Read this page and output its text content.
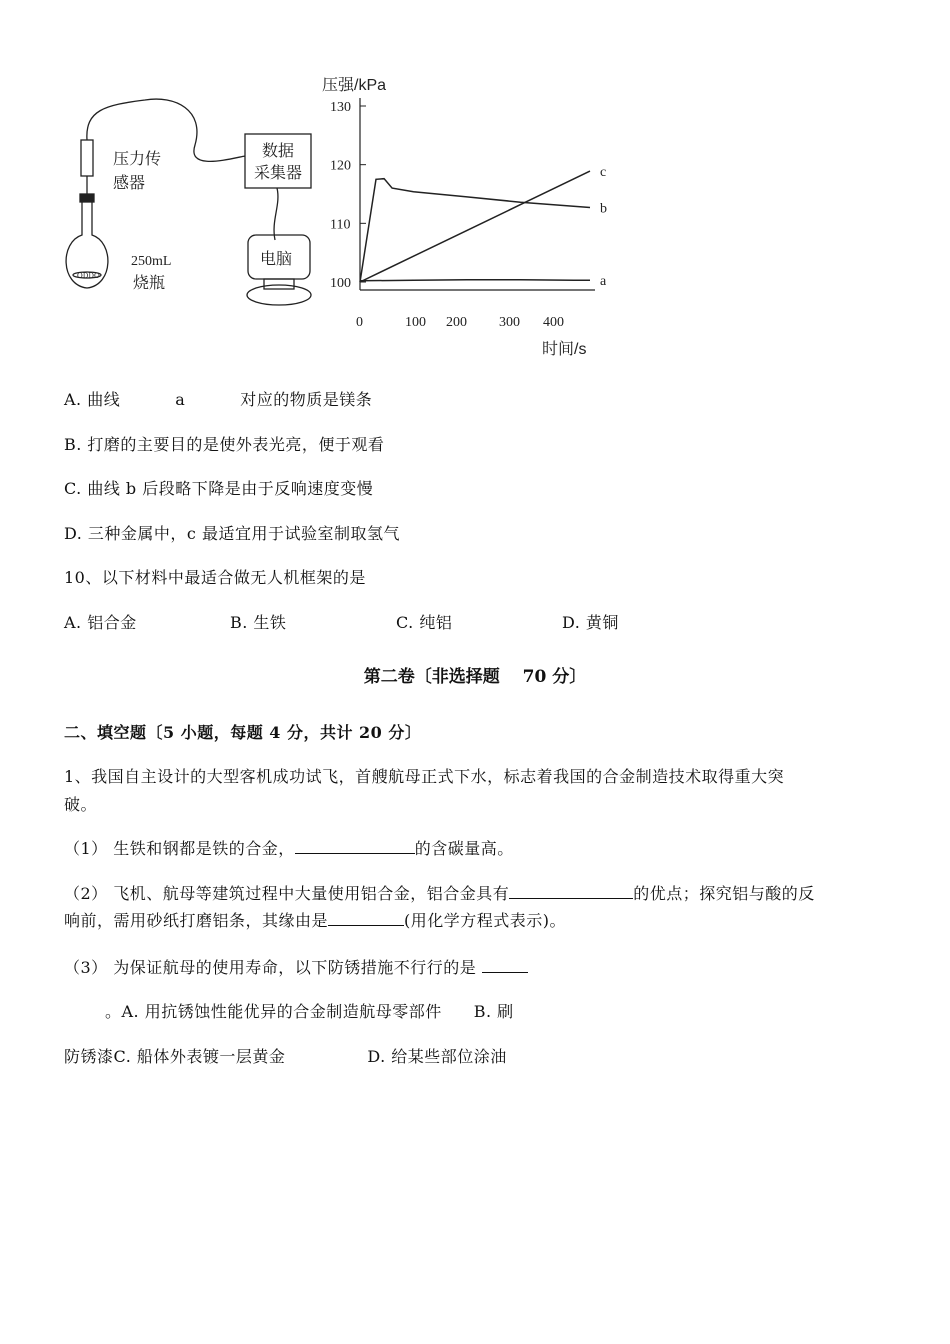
ODDO
压力传
感器
数据
采集器
250mL
烧瓶
电脑
130
120
110
100
0	100 200 300 400
压强/kPa
时间/s
a
b
c
A. 曲线	a	对应的物质是镁条
B. 打磨的主要目的是使外表光亮，便于观看
C. 曲线 b 后段略下降是由于反响速度变慢
D. 三种金属中，c 最适宜用于试验室制取氢气
10、以下材料中最适合做无人机框架的是
A. 铝合金	B. 生铁	C. 纯铝	D. 黄铜
第二卷〔非选择题　 70 分〕
二、填空题〔5 小题，每题 4 分，共计 20 分〕
1、我国自主设计的大型客机成功试飞，首艘航母正式下水，标志着我国的合金制造技术取得重大突
破。
（1） 生铁和钢都是铁的合金，	的含碳量高。
（2） 飞机、航母等建筑过程中大量使用铝合金，铝合金具有	的优点；探究铝与酸的反
响前，需用砂纸打磨铝条，其缘由是	(用化学方程式表示)。
（3） 为保证航母的使用寿命，以下防锈措施不行行的是
。A. 用抗锈蚀性能优异的合金制造航母零部件 B. 刷
防锈漆C. 船体外表镀一层黄金	D. 给某些部位涂油
